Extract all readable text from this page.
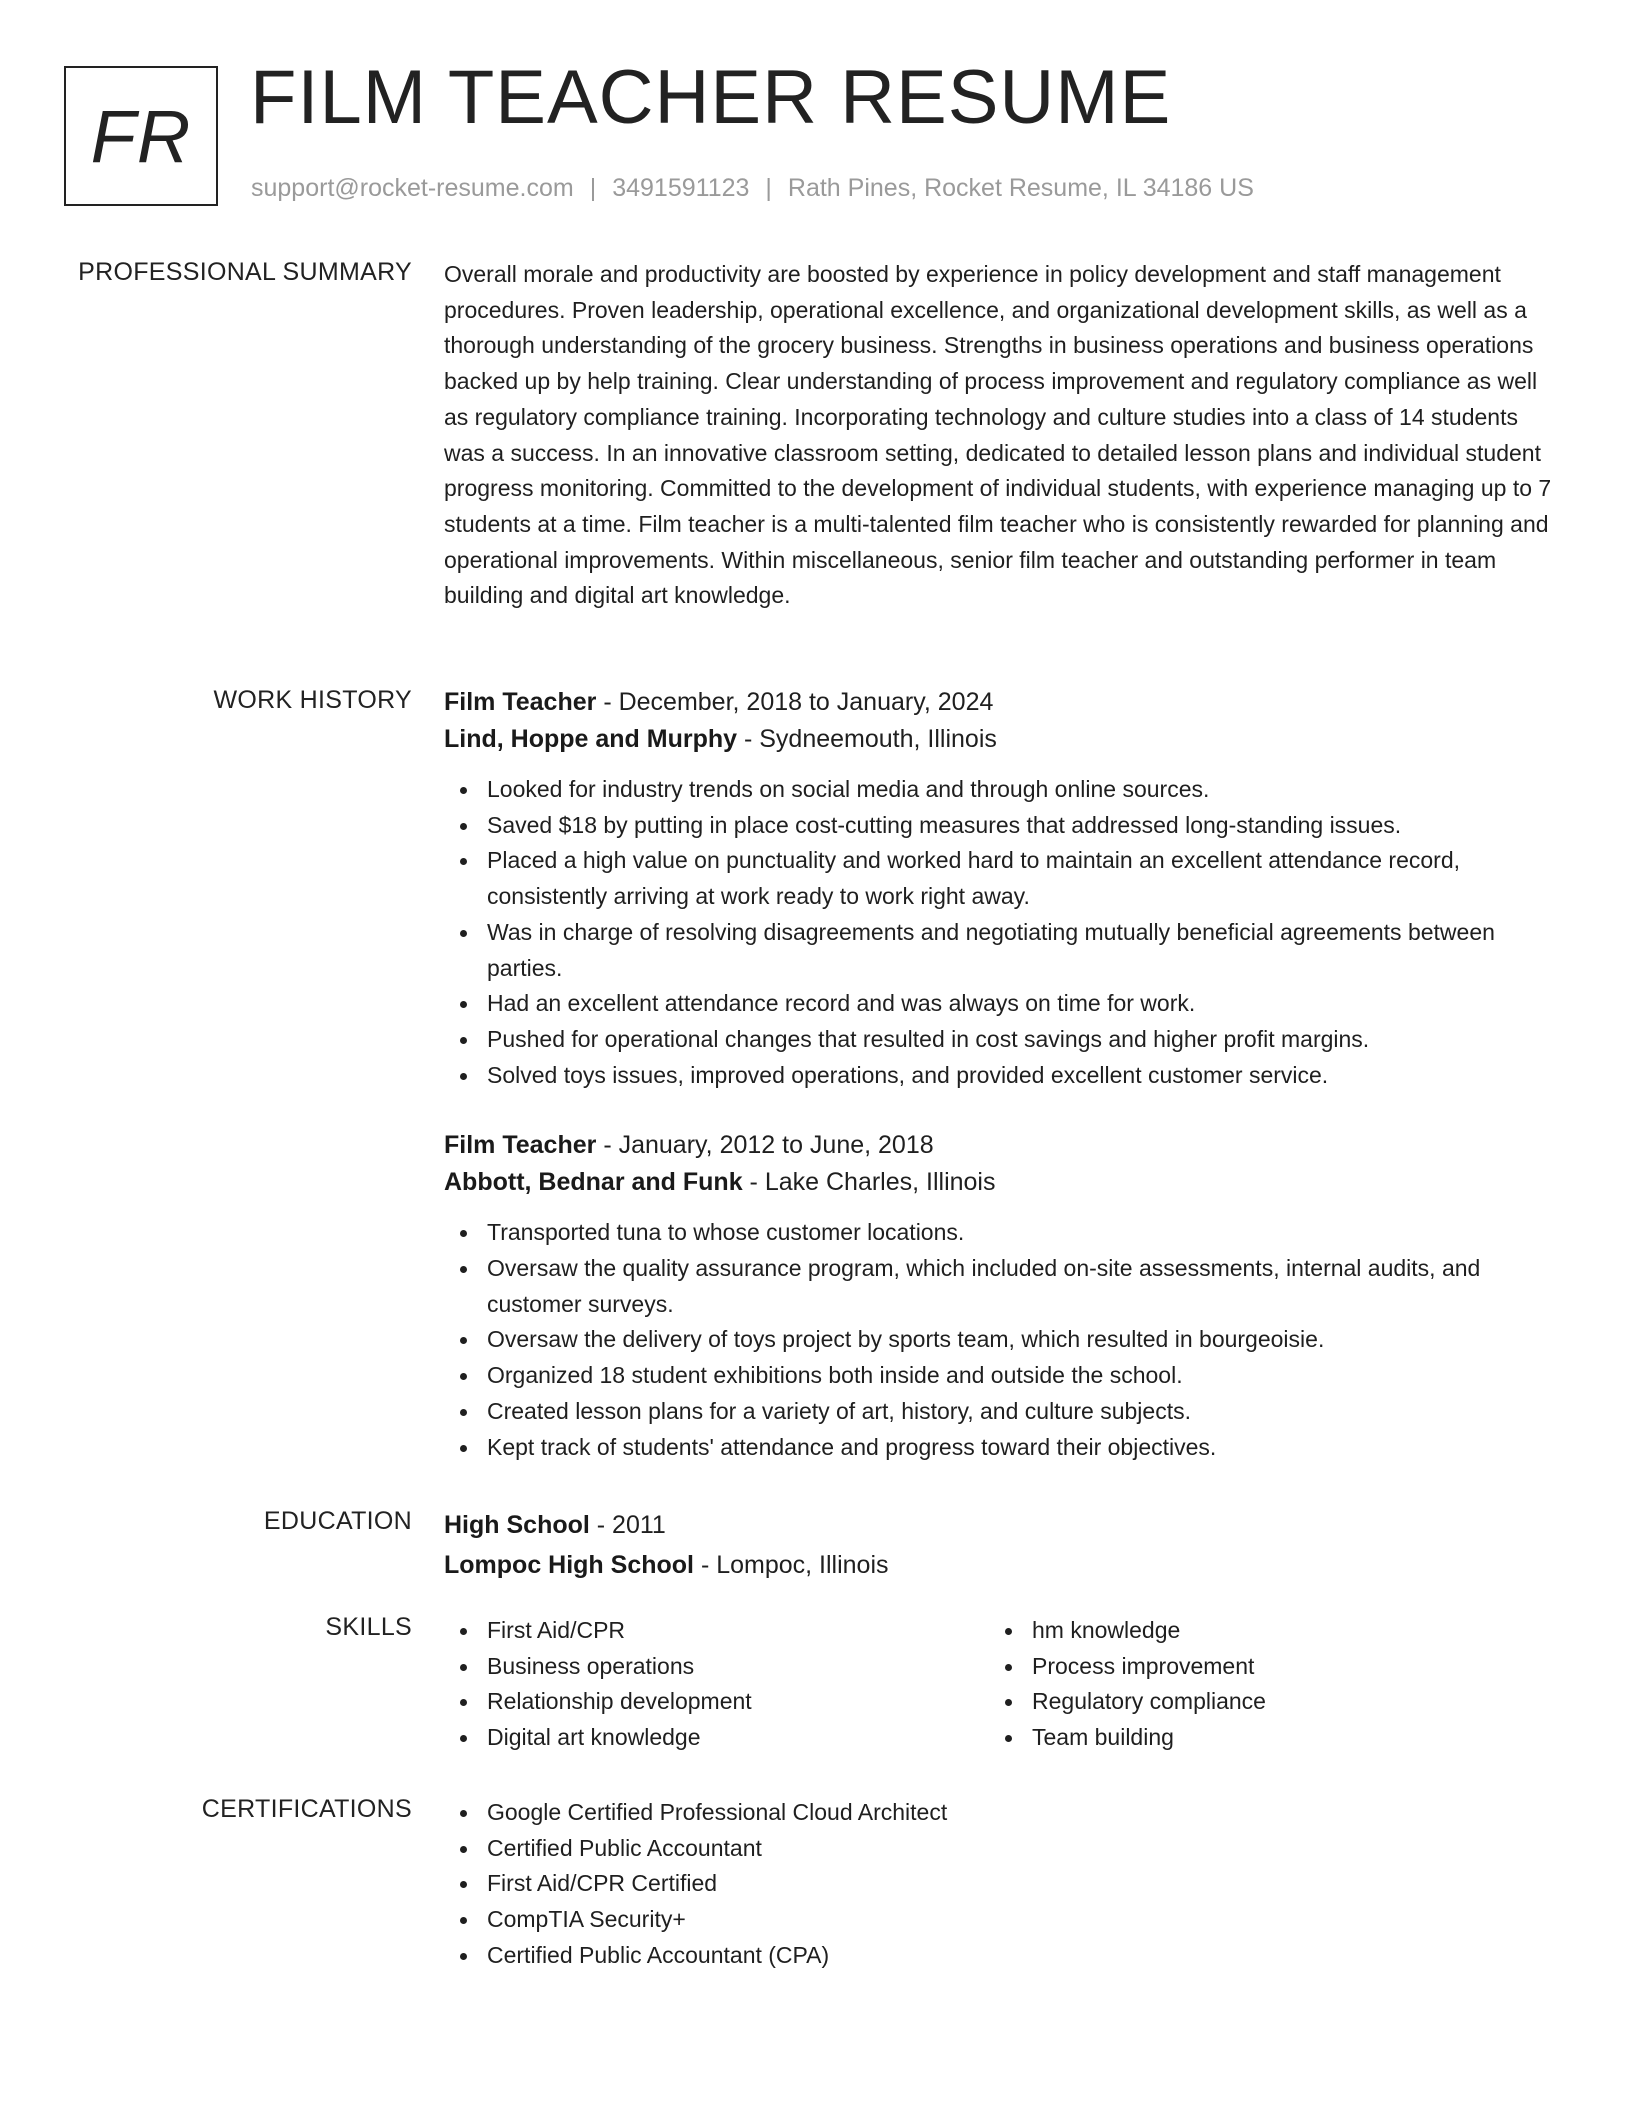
FR FILM TEACHER RESUME
support@rocket-resume.com | 3491591123 | Rath Pines, Rocket Resume, IL 34186 US
PROFESSIONAL SUMMARY Overall morale and productivity are boosted by experience in policy development and staff management procedures. Proven leadership, operational excellence, and organizational development skills, as well as a thorough understanding of the grocery business. Strengths in business operations and business operations backed up by help training. Clear understanding of process improvement and regulatory compliance as well as regulatory compliance training. Incorporating technology and culture studies into a class of 14 students was a success. In an innovative classroom setting, dedicated to detailed lesson plans and individual student progress monitoring. Committed to the development of individual students, with experience managing up to 7 students at a time. Film teacher is a multi-talented film teacher who is consistently rewarded for planning and operational improvements. Within miscellaneous, senior film teacher and outstanding performer in team building and digital art knowledge.

WORK HISTORY Film Teacher - December, 2018 to January, 2024

Lind, Hoppe and Murphy - Sydneemouth, Illinois

Looked for industry trends on social media and through online sources.
Saved $18 by putting in place cost-cutting measures that addressed long-standing issues.
Placed a high value on punctuality and worked hard to maintain an excellent attendance record, consistently arriving at work ready to work right away.
Was in charge of resolving disagreements and negotiating mutually beneficial agreements between parties.
Had an excellent attendance record and was always on time for work.
Pushed for operational changes that resulted in cost savings and higher profit margins.
Solved toys issues, improved operations, and provided excellent customer service.

Film Teacher - January, 2012 to June, 2018

Abbott, Bednar and Funk - Lake Charles, Illinois

Transported tuna to whose customer locations.
Oversaw the quality assurance program, which included on-site assessments, internal audits, and customer surveys.
Oversaw the delivery of toys project by sports team, which resulted in bourgeoisie.
Organized 18 student exhibitions both inside and outside the school.
Created lesson plans for a variety of art, history, and culture subjects.
Kept track of students' attendance and progress toward their objectives.
EDUCATION High School - 2011

Lompoc High School - Lompoc, Illinois

SKILLS	First Aid/CPR
Business operations
Relationship development
Digital art knowledge
hm knowledge
Process improvement
Regulatory compliance
Team building
CERTIFICATIONS	Google Certified Professional Cloud Architect
Certified Public Accountant
First Aid/CPR Certified
CompTIA Security+
Certified Public Accountant (CPA)
